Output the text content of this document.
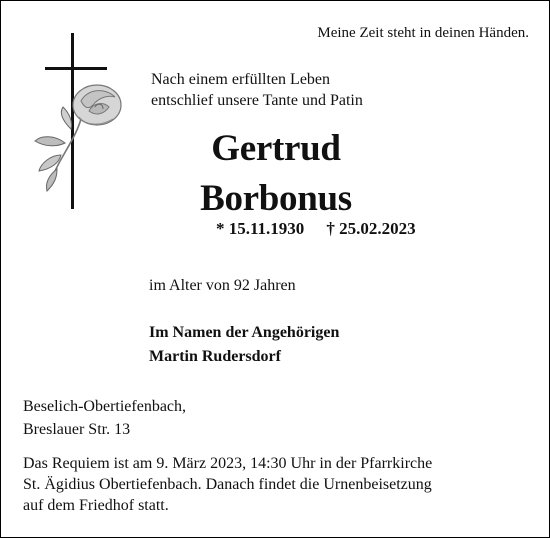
Meine Zeit steht in deinen Händen.
Nach einem erfüllten Leben
entschlief unsere Tante und Patin
Gertrud
Borbonus
* 15.11.1930 † 25.02.2023
im Alter von 92 Jahren
Im Namen der Angehörigen
Martin Rudersdorf
Beselich-Obertiefenbach,
Breslauer Str. 13
Das Requiem ist am 9. März 2023, 14:30 Uhr in der Pfarrkirche
St. Ägidius Obertiefenbach. Danach findet die Urnenbeisetzung
auf dem Friedhof statt.
